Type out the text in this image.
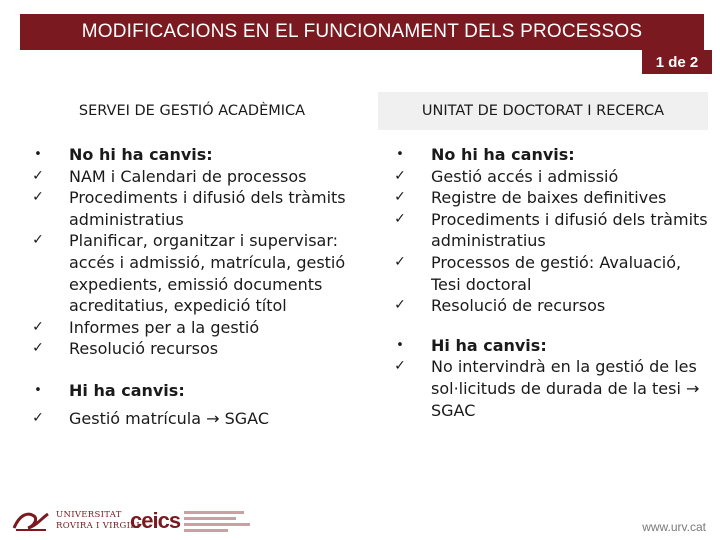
MODIFICACIONS EN EL FUNCIONAMENT DELS PROCESSOS
1 de 2
SERVEI DE GESTIÓ ACADÈMICA	UNITAT DE DOCTORAT I RECERCA
•	No hi ha canvis:
✓ NAM i Calendari de processos
✓ Procediments i difusió dels tràmits administratius
✓ Planificar, organitzar i supervisar: accés i admissió, matrícula, gestió expedients, emissió documents acreditatius, expedició títol
✓ Informes per a la gestió
✓ Resolució recursos
•	Hi ha canvis:
✓ Gestió matrícula → SGAC
•	No hi ha canvis:
✓ Gestió accés i admissió
✓ Registre de baixes definitives
✓ Procediments i difusió dels tràmits administratius
✓ Processos de gestió: Avaluació, Tesi doctoral
✓ Resolució de recursos
•	Hi ha canvis:
✓ No intervindrà en la gestió de les sol·licituds de durada de la tesi → SGAC
UNIVERSITAT
ROVIRA I VIRGILI
ceics	www.urv.cat
